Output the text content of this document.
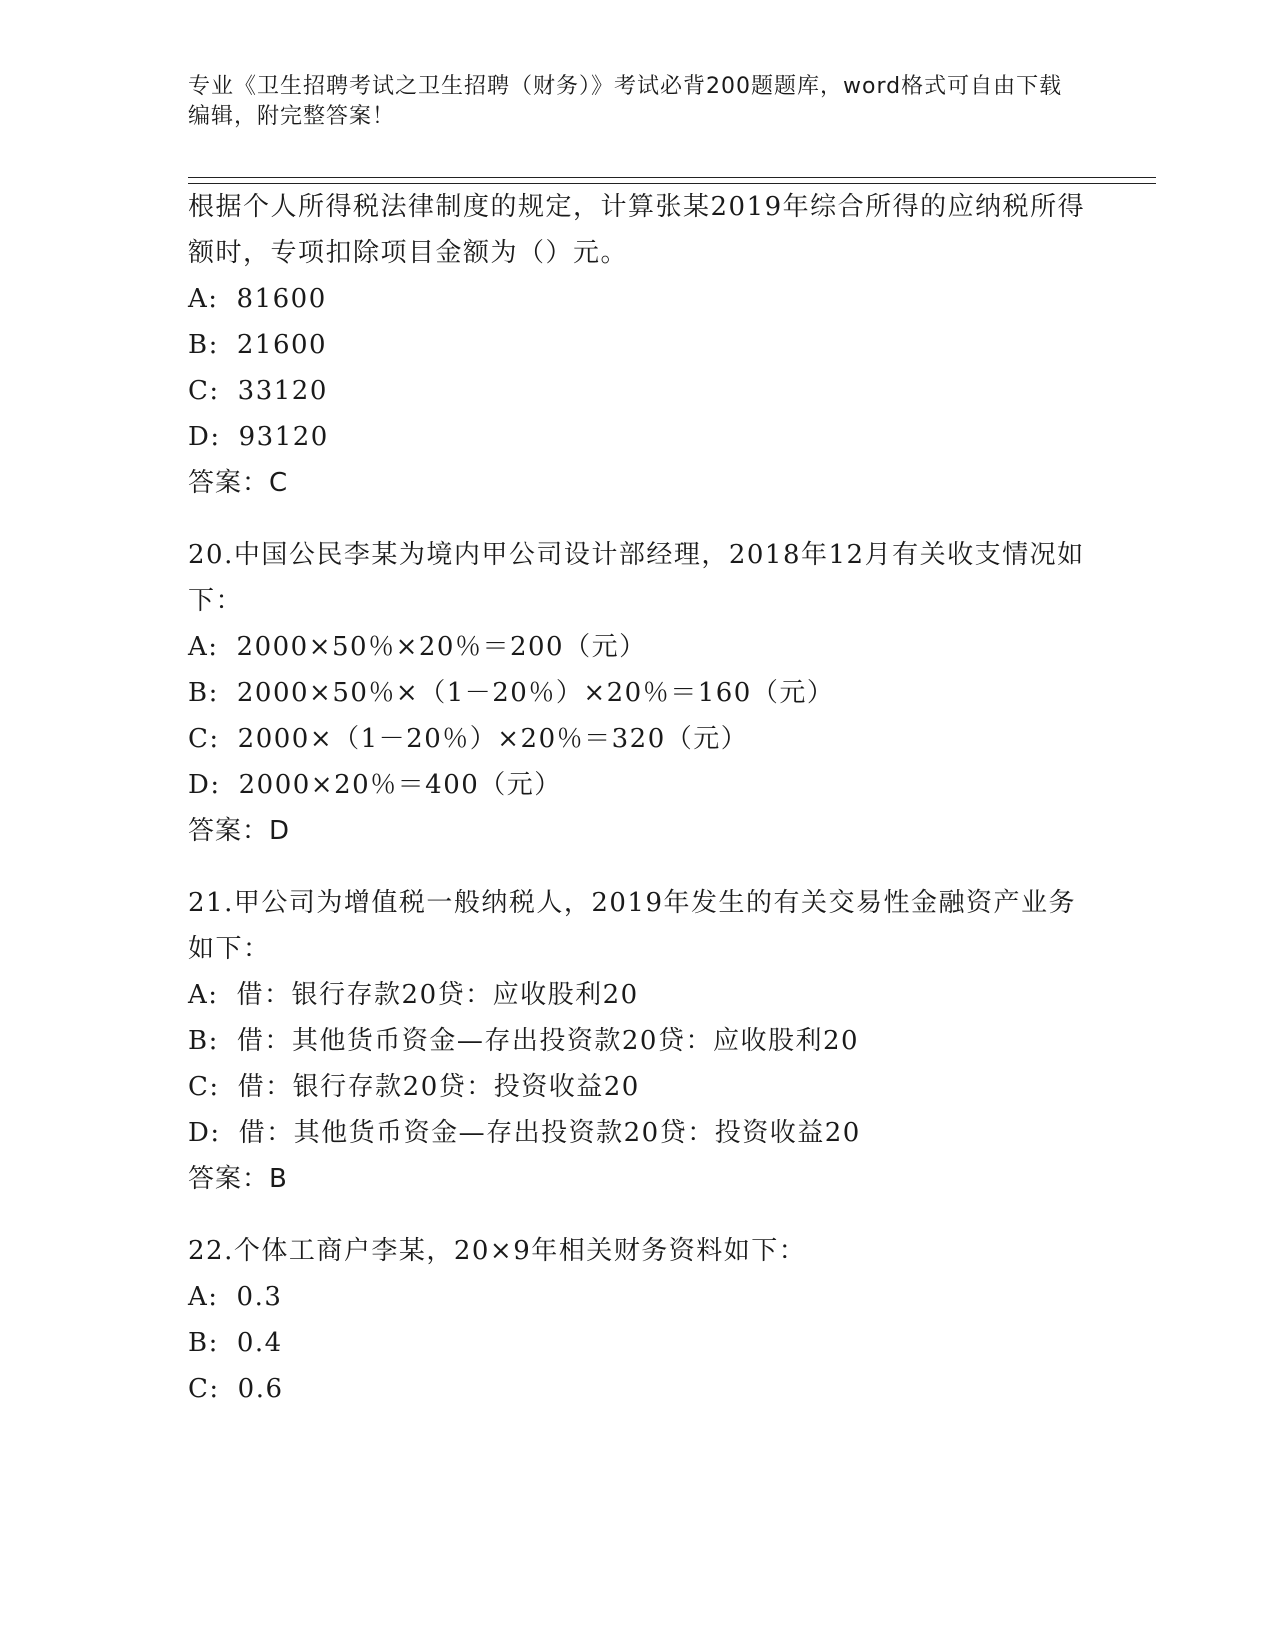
专业《卫生招聘考试之卫生招聘（财务）》考试必背200题题库，word格式可自由下载编辑，附完整答案！

根据个人所得税法律制度的规定，计算张某2019年综合所得的应纳税所得额时，专项扣除项目金额为（）元。

A: 81600

B: 21600

C: 33120

D: 93120

答案：C

20.中国公民李某为境内甲公司设计部经理，2018年12月有关收支情况如下：

A: 2000×50％×20％＝200（元）

B: 2000×50％×（1－20％）×20％＝160（元）

C: 2000×（1－20％）×20％＝320（元）

D: 2000×20％＝400（元）

答案：D

21.甲公司为增值税一般纳税人，2019年发生的有关交易性金融资产业务如下：

A: 借：银行存款20贷：应收股利20

B: 借：其他货币资金—存出投资款20贷：应收股利20

C: 借：银行存款20贷：投资收益20

D: 借：其他货币资金—存出投资款20贷：投资收益20

答案：B

22.个体工商户李某，20×9年相关财务资料如下：

A: 0.3

B: 0.4

C: 0.6
